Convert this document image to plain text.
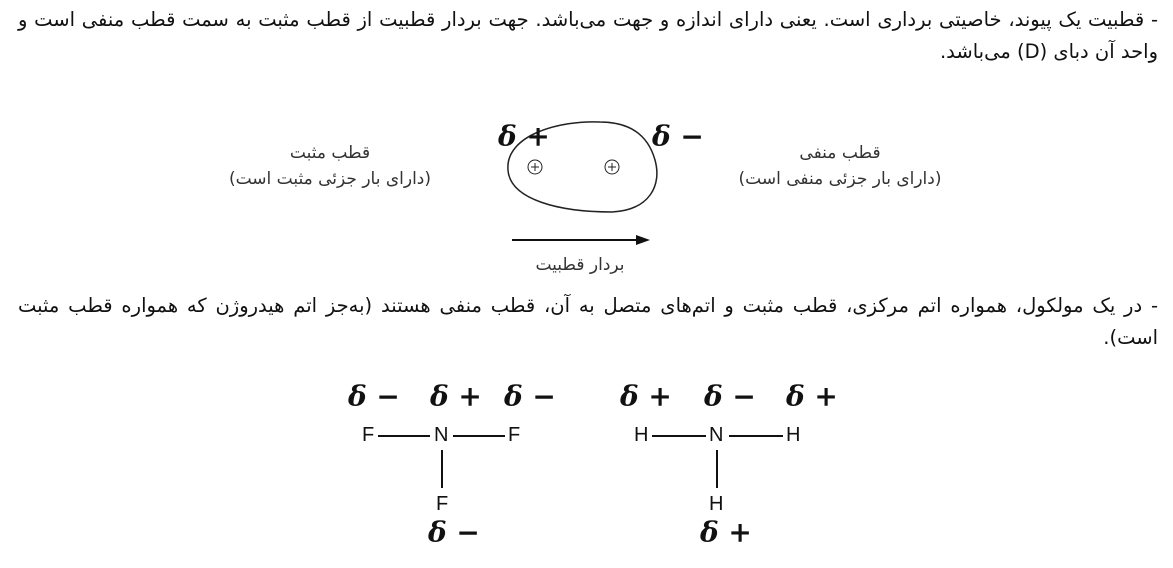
- قطبیت یک پیوند، خاصیتی برداری است. یعنی دارای اندازه و جهت می‌باشد. جهت بردار قطبیت از قطب مثبت به سمت قطب منفی است و واحد آن دبای (D) می‌باشد.

δ +	δ −
قطب مثبت
(دارای بار جزئی مثبت است)
قطب منفی
(دارای بار جزئی منفی است)
بردار قطبیت

- در یک مولکول، همواره اتم مرکزی، قطب مثبت و اتم‌های متصل به آن، قطب منفی هستند (به‌جز اتم هیدروژن که همواره قطب مثبت است).

δ − δ + δ −
F	N	F
F
δ −
δ + δ − δ +
H	N	H
H
δ +
